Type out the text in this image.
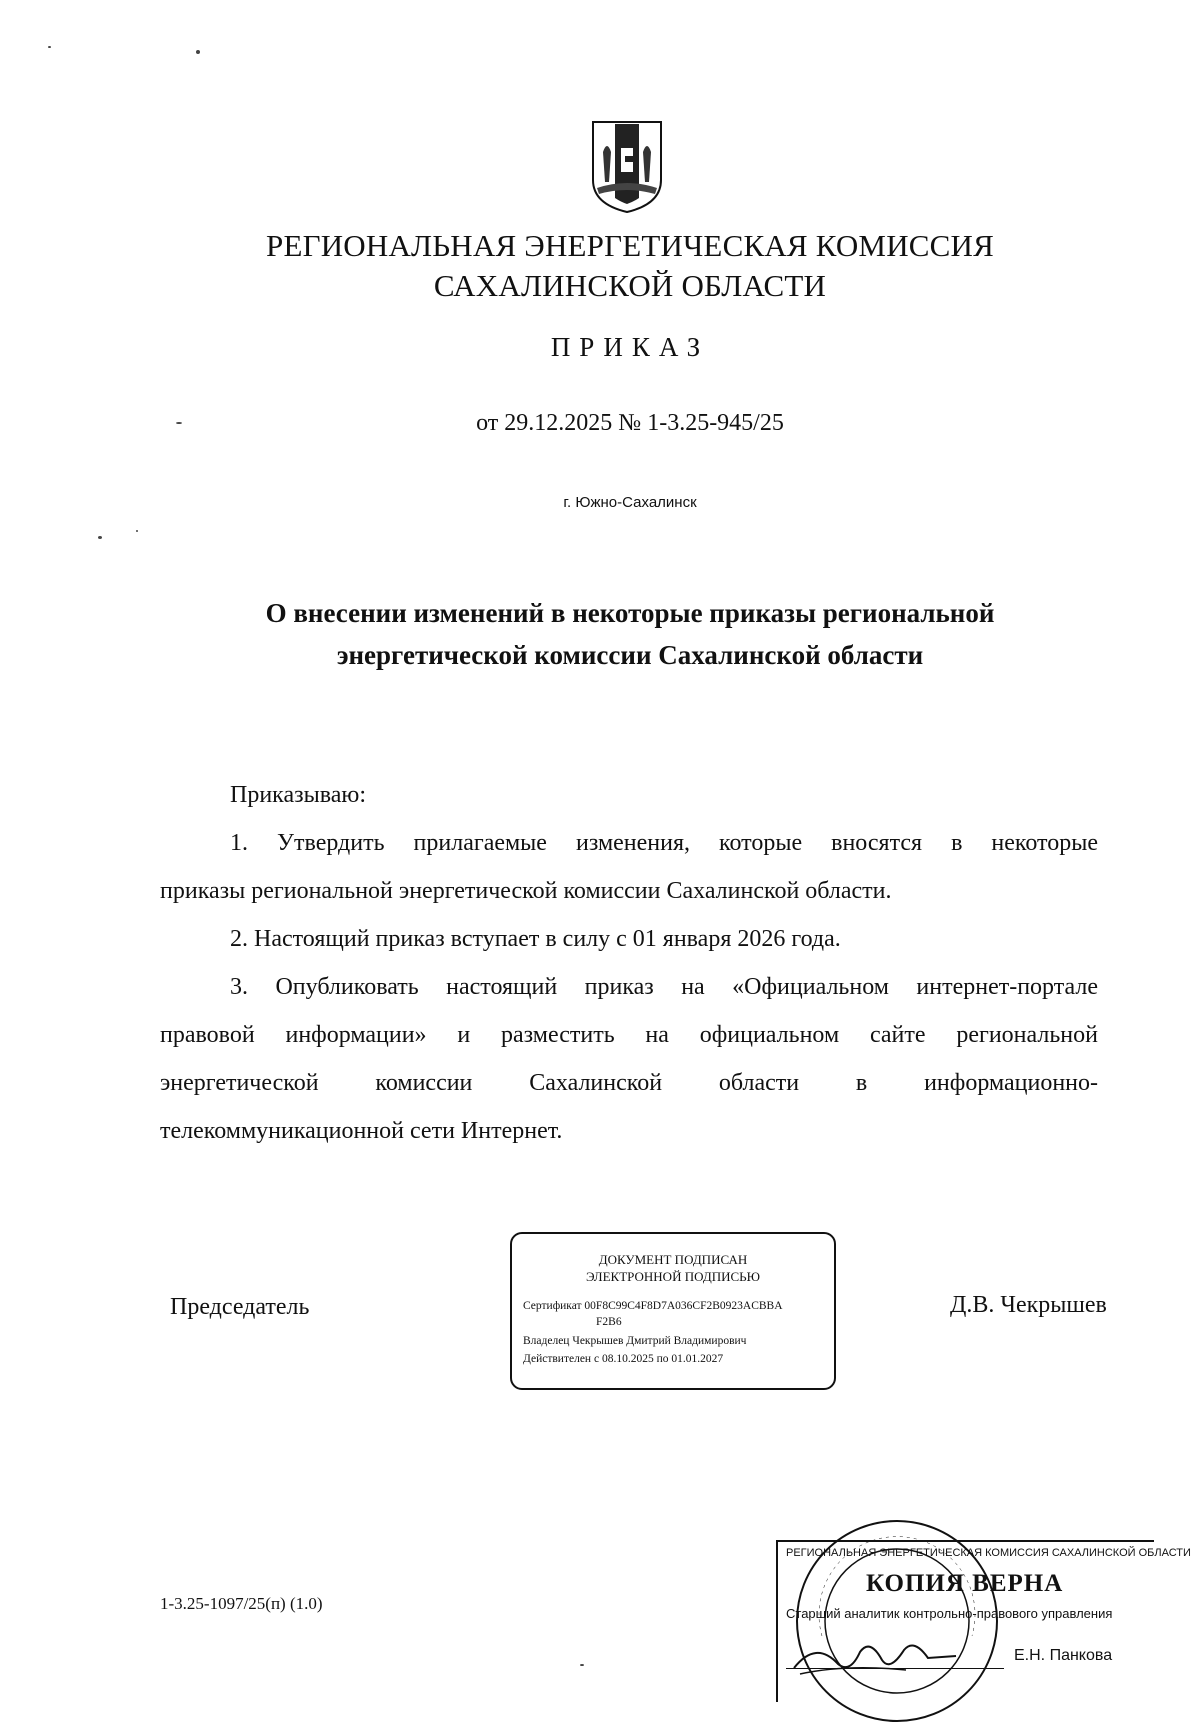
РЕГИОНАЛЬНАЯ ЭНЕРГЕТИЧЕСКАЯ КОМИССИЯ
САХАЛИНСКОЙ ОБЛАСТИ
ПРИКАЗ
от 29.12.2025 № 1-3.25-945/25
г. Южно-Сахалинск
О внесении изменений в некоторые приказы региональной
энергетической комиссии Сахалинской области
Приказываю:
1. Утвердить прилагаемые изменения, которые вносятся в некоторые
приказы региональной энергетической комиссии Сахалинской области.
2. Настоящий приказ вступает в силу с 01 января 2026 года.
3. Опубликовать настоящий приказ на «Официальном интернет-портале
правовой информации» и разместить на официальном сайте региональной
энергетической комиссии Сахалинской области в информационно-
телекоммуникационной сети Интернет.
Председатель	Д.В. Чекрышев
ДОКУМЕНТ ПОДПИСАН
ЭЛЕКТРОННОЙ ПОДПИСЬЮ
Сертификат 00F8C99C4F8D7A036CF2B0923ACBBA
F2B6
Владелец Чекрышев Дмитрий Владимирович
Действителен с 08.10.2025 по 01.01.2027
1-3.25-1097/25(п) (1.0)
РЕГИОНАЛЬНАЯ ЭНЕРГЕТИЧЕСКАЯ КОМИССИЯ САХАЛИНСКОЙ ОБЛАСТИ
КОПИЯ ВЕРНА
Старший аналитик контрольно-правового управления
Е.Н. Панкова
